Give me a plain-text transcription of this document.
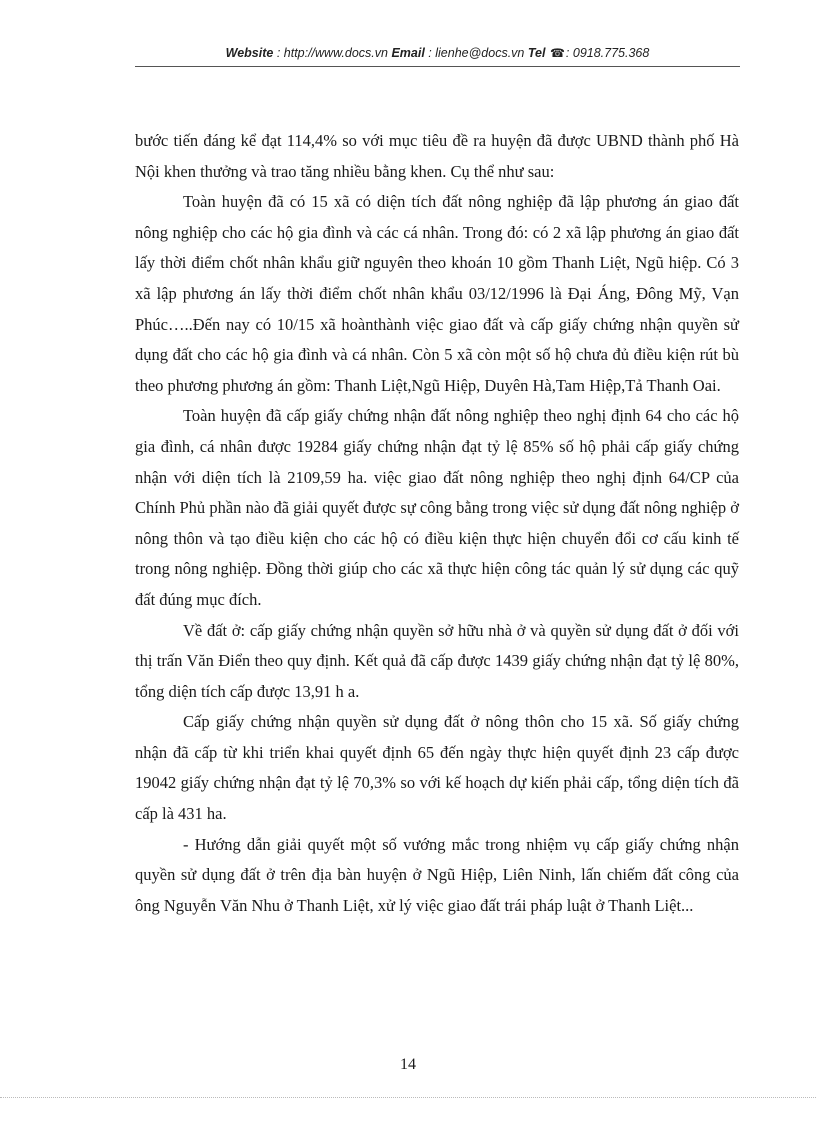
Website : http://www.docs.vn Email : lienhe@docs.vn Tel ☎: 0918.775.368

bước tiến đáng kể đạt 114,4% so với mục tiêu đề ra huyện đã được UBND thành phố Hà Nội khen thưởng và trao tăng nhiều bằng khen. Cụ thể như sau:

Toàn huyện đã có 15 xã có diện tích đất nông nghiệp đã lập phương án giao đất nông nghiệp cho các hộ gia đình và các cá nhân. Trong đó: có 2 xã lập phương án giao đất lấy thời điểm chốt nhân khẩu giữ nguyên theo khoán 10 gồm Thanh Liệt, Ngũ hiệp. Có 3 xã lập phương án lấy thời điểm chốt nhân khẩu 03/12/1996 là Đại Áng, Đông Mỹ, Vạn Phúc…..Đến nay có 10/15 xã hoànthành việc giao đất và cấp giấy chứng nhận quyền sử dụng đất cho các hộ gia đình và cá nhân. Còn 5 xã còn một số hộ chưa đủ điều kiện rút bù theo phương phương án gồm: Thanh Liệt,Ngũ Hiệp, Duyên Hà,Tam Hiệp,Tả Thanh Oai.

Toàn huyện đã cấp giấy chứng nhận đất nông nghiệp theo nghị định 64 cho các hộ gia đình, cá nhân được 19284 giấy chứng nhận đạt tỷ lệ 85% số hộ phải cấp giấy chứng nhận với diện tích là 2109,59 ha. việc giao đất nông nghiệp theo nghị định 64/CP của Chính Phủ phần nào đã giải quyết được sự công bằng trong việc sử dụng đất nông nghiệp ở nông thôn và tạo điều kiện cho các hộ có điều kiện thực hiện chuyển đổi cơ cấu kinh tế trong nông nghiệp. Đồng thời giúp cho các xã thực hiện công tác quản lý sử dụng các quỹ đất đúng mục đích.

Về đất ở: cấp giấy chứng nhận quyền sở hữu nhà ở và quyền sử dụng đất ở đối với thị trấn Văn Điển theo quy định. Kết quả đã cấp được 1439 giấy chứng nhận đạt tỷ lệ 80%, tổng diện tích cấp được 13,91 h a.

Cấp giấy chứng nhận quyền sử dụng đất ở nông thôn cho 15 xã. Số giấy chứng nhận đã cấp từ khi triển khai quyết định 65 đến ngày thực hiện quyết định 23 cấp được 19042 giấy chứng nhận đạt tỷ lệ 70,3% so với kế hoạch dự kiến phải cấp, tổng diện tích đã cấp là 431 ha.

- Hướng dẫn giải quyết một số vướng mắc trong nhiệm vụ cấp giấy chứng nhận quyền sử dụng đất ở trên địa bàn huyện ở Ngũ Hiệp, Liên Ninh, lấn chiếm đất công của ông Nguyễn Văn Nhu ở Thanh Liệt, xử lý việc giao đất trái pháp luật ở Thanh Liệt...

14
